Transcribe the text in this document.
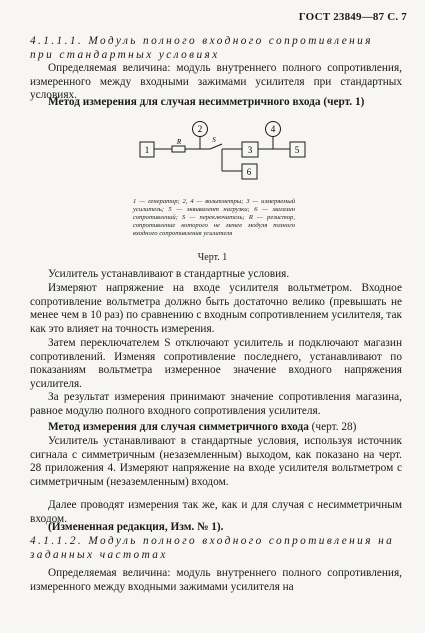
ГОСТ 23849—87 С. 7
4.1.1.1. Модуль полного входного сопротивления при стандартных условиях
Определяемая величина: модуль внутреннего полного сопротивления, измеренного между входными зажимами усилителя при стандартных условиях.
Метод измерения для случая несимметричного входа (черт. 1)
1
R
2
S
3
4
5
6
1 — генератор; 2, 4 — вольтметры; 3 — измеряемый усилитель; 5 — эквивалент нагрузки; 6 — магазин сопротивлений; S — переключатель; R — резистор, сопротивление которого не менее модуля полного входного сопротивления усилителя
Черт. 1
Усилитель устанавливают в стандартные условия.
Измеряют напряжение на входе усилителя вольтметром. Входное сопротивление вольтметра должно быть достаточно велико (превышать не менее чем в 10 раз) по сравнению с входным сопротивлением усилителя, так как это влияет на точность измерения.
Затем переключателем S отключают усилитель и подключают магазин сопротивлений. Изменяя сопротивление последнего, устанавливают по показаниям вольтметра измеренное значение входного напряжения усилителя.
За результат измерения принимают значение сопротивления магазина, равное модулю полного входного сопротивления усилителя.
Метод измерения для случая симметричного входа (черт. 28)
Усилитель устанавливают в стандартные условия, используя источник сигнала с симметричным (незаземленным) выходом, как показано на черт. 28 приложения 4. Измеряют напряжение на входе усилителя вольтметром с симметричным (незаземленным) входом.
Далее проводят измерения так же, как и для случая с несимметричным входом.
(Измененная редакция, Изм. № 1).
4.1.1.2. Модуль полного входного сопротивления на заданных частотах
Определяемая величина: модуль внутреннего полного сопротивления, измеренного между входными зажимами усилителя на
